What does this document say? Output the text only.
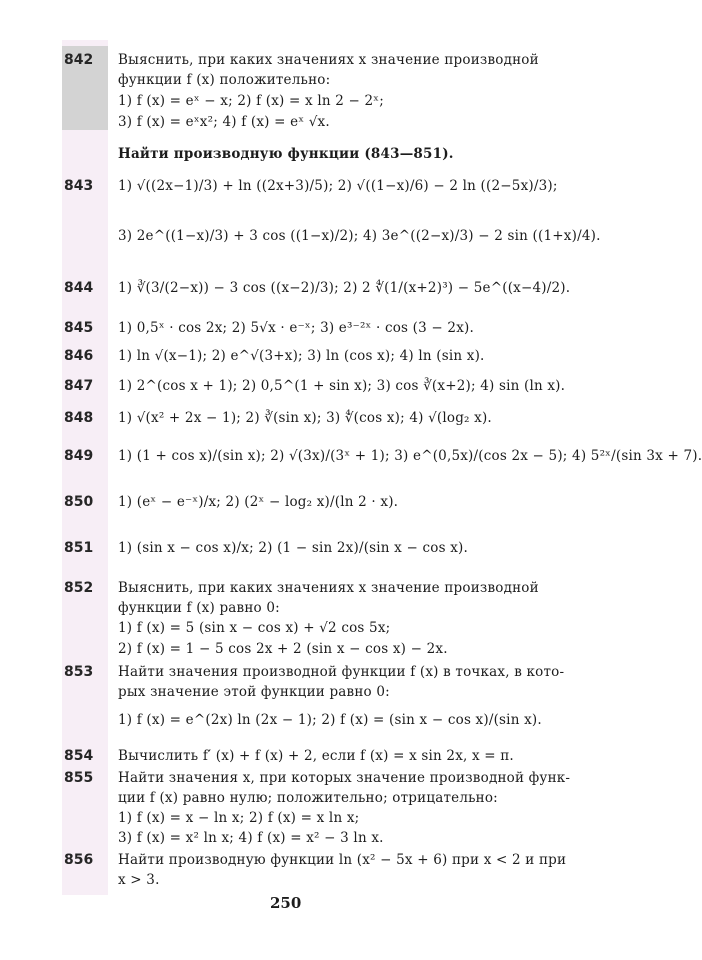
842	Выяснить, при каких значениях x значение производной
функции f (x) положительно:
1) f (x) = eˣ − x; 2) f (x) = x ln 2 − 2ˣ;
3) f (x) = eˣx²; 4) f (x) = eˣ √x.
Найти производную функции (843—851).
843	1) √((2x−1)/3) + ln ((2x+3)/5); 2) √((1−x)/6) − 2 ln ((2−5x)/3);
3) 2e^((1−x)/3) + 3 cos ((1−x)/2); 4) 3e^((2−x)/3) − 2 sin ((1+x)/4).
844	1) ∛(3/(2−x)) − 3 cos ((x−2)/3); 2) 2 ∜(1/(x+2)³) − 5e^((x−4)/2).
845	1) 0,5ˣ · cos 2x; 2) 5√x · e⁻ˣ; 3) e³⁻²ˣ · cos (3 − 2x).
846	1) ln √(x−1); 2) e^√(3+x); 3) ln (cos x); 4) ln (sin x).
847	1) 2^(cos x + 1); 2) 0,5^(1 + sin x); 3) cos ∛(x+2); 4) sin (ln x).
848	1) √(x² + 2x − 1); 2) ∛(sin x); 3) ∜(cos x); 4) √(log₂ x).
849	1) (1 + cos x)/(sin x); 2) √(3x)/(3ˣ + 1); 3) e^(0,5x)/(cos 2x − 5); 4) 5²ˣ/(sin 3x + 7).
850	1) (eˣ − e⁻ˣ)/x; 2) (2ˣ − log₂ x)/(ln 2 · x).
851	1) (sin x − cos x)/x; 2) (1 − sin 2x)/(sin x − cos x).
852	Выяснить, при каких значениях x значение производной
функции f (x) равно 0:
1) f (x) = 5 (sin x − cos x) + √2 cos 5x;
2) f (x) = 1 − 5 cos 2x + 2 (sin x − cos x) − 2x.
853	Найти значения производной функции f (x) в точках, в кото-
рых значение этой функции равно 0:
1) f (x) = e^(2x) ln (2x − 1); 2) f (x) = (sin x − cos x)/(sin x).
854	Вычислить f′ (x) + f (x) + 2, если f (x) = x sin 2x, x = π.
855	Найти значения x, при которых значение производной функ-
ции f (x) равно нулю; положительно; отрицательно:
1) f (x) = x − ln x; 2) f (x) = x ln x;
3) f (x) = x² ln x; 4) f (x) = x² − 3 ln x.
856	Найти производную функции ln (x² − 5x + 6) при x < 2 и при
x > 3.
250
